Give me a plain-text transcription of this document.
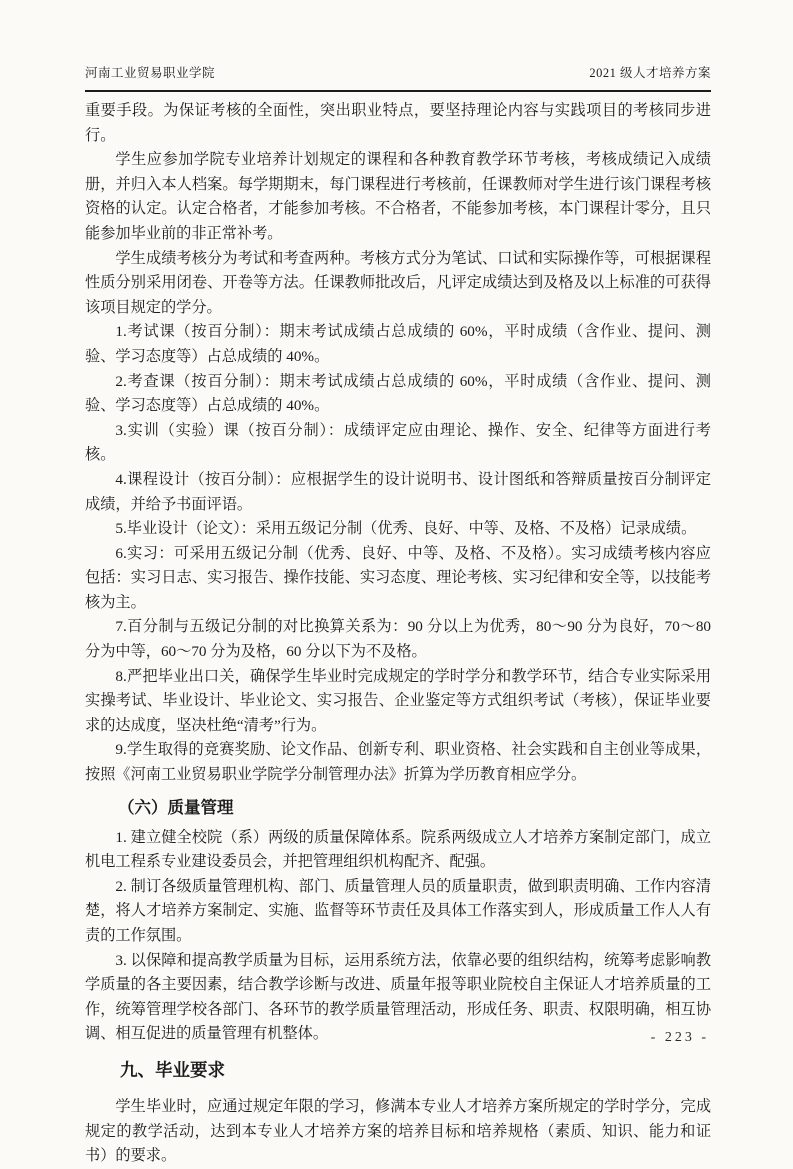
河南工业贸易职业学院	2021 级人才培养方案

重要手段。为保证考核的全面性，突出职业特点，要坚持理论内容与实践项目的考核同步进行。

学生应参加学院专业培养计划规定的课程和各种教育教学环节考核，考核成绩记入成绩册，并归入本人档案。每学期期末，每门课程进行考核前，任课教师对学生进行该门课程考核资格的认定。认定合格者，才能参加考核。不合格者，不能参加考核，本门课程计零分，且只能参加毕业前的非正常补考。

学生成绩考核分为考试和考查两种。考核方式分为笔试、口试和实际操作等，可根据课程性质分别采用闭卷、开卷等方法。任课教师批改后，凡评定成绩达到及格及以上标准的可获得该项目规定的学分。

1.考试课（按百分制）：期末考试成绩占总成绩的 60%，平时成绩（含作业、提问、测验、学习态度等）占总成绩的 40%。

2.考查课（按百分制）：期末考试成绩占总成绩的 60%，平时成绩（含作业、提问、测验、学习态度等）占总成绩的 40%。

3.实训（实验）课（按百分制）：成绩评定应由理论、操作、安全、纪律等方面进行考核。

4.课程设计（按百分制）：应根据学生的设计说明书、设计图纸和答辩质量按百分制评定成绩，并给予书面评语。

5.毕业设计（论文）：采用五级记分制（优秀、良好、中等、及格、不及格）记录成绩。

6.实习：可采用五级记分制（优秀、良好、中等、及格、不及格）。实习成绩考核内容应包括：实习日志、实习报告、操作技能、实习态度、理论考核、实习纪律和安全等，以技能考核为主。

7.百分制与五级记分制的对比换算关系为：90 分以上为优秀，80～90 分为良好，70～80 分为中等，60～70 分为及格，60 分以下为不及格。

8.严把毕业出口关，确保学生毕业时完成规定的学时学分和教学环节，结合专业实际采用实操考试、毕业设计、毕业论文、实习报告、企业鉴定等方式组织考试（考核），保证毕业要求的达成度，坚决杜绝“清考”行为。

9.学生取得的竞赛奖励、论文作品、创新专利、职业资格、社会实践和自主创业等成果，按照《河南工业贸易职业学院学分制管理办法》折算为学历教育相应学分。

（六）质量管理

1. 建立健全校院（系）两级的质量保障体系。院系两级成立人才培养方案制定部门，成立机电工程系专业建设委员会，并把管理组织机构配齐、配强。

2. 制订各级质量管理机构、部门、质量管理人员的质量职责，做到职责明确、工作内容清楚，将人才培养方案制定、实施、监督等环节责任及具体工作落实到人，形成质量工作人人有责的工作氛围。

3. 以保障和提高教学质量为目标，运用系统方法，依靠必要的组织结构，统筹考虑影响教学质量的各主要因素，结合教学诊断与改进、质量年报等职业院校自主保证人才培养质量的工作，统筹管理学校各部门、各环节的教学质量管理活动，形成任务、职责、权限明确，相互协调、相互促进的质量管理有机整体。

九、毕业要求

学生毕业时，应通过规定年限的学习，修满本专业人才培养方案所规定的学时学分，完成规定的教学活动，达到本专业人才培养方案的培养目标和培养规格（素质、知识、能力和证书）的要求。

- 223 -
